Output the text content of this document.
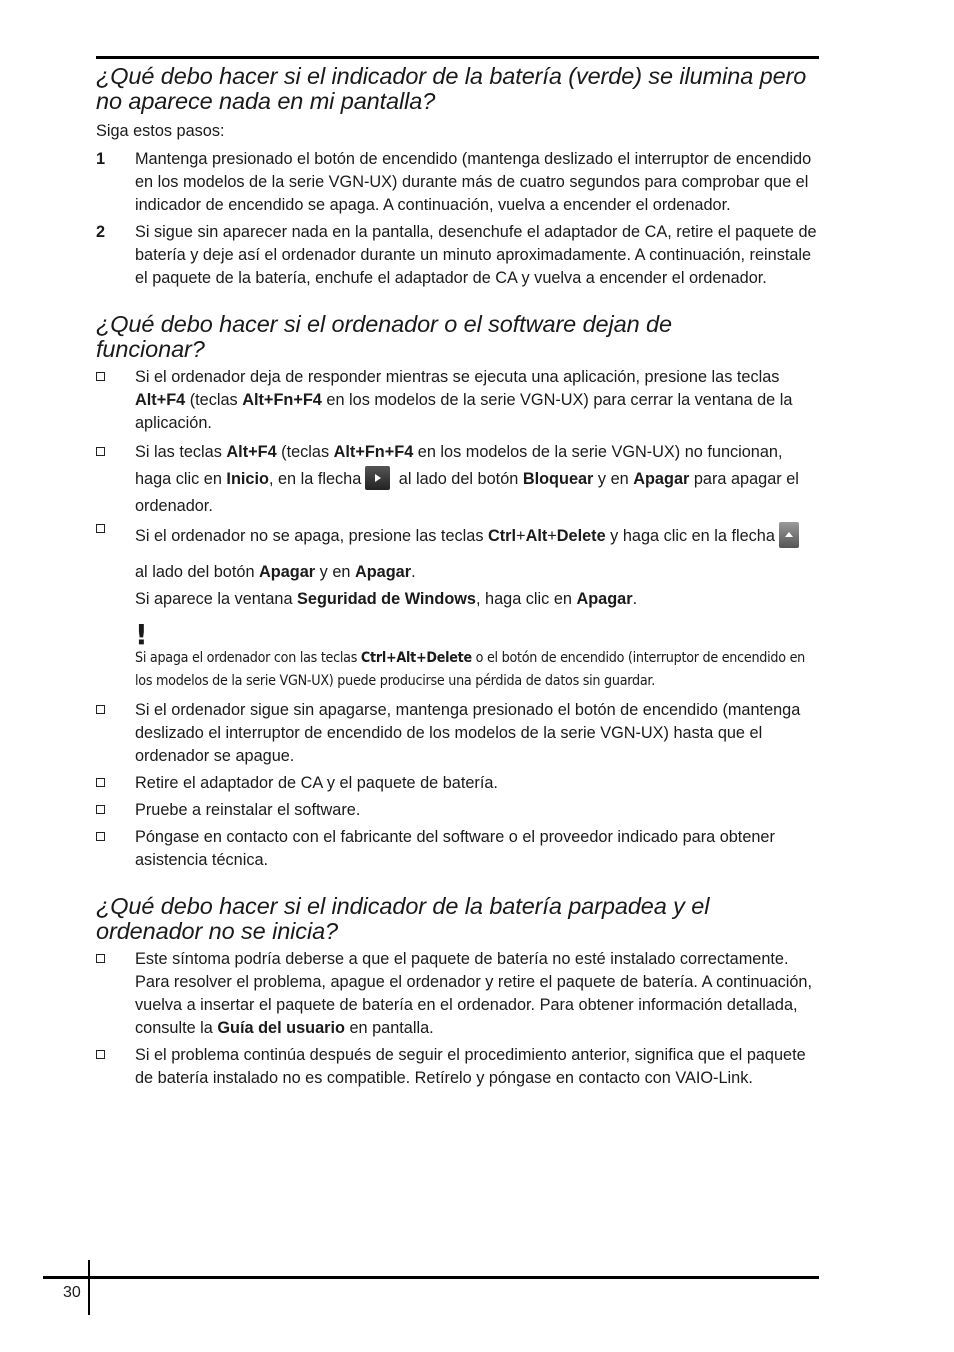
¿Qué debo hacer si el indicador de la batería (verde) se ilumina pero no aparece nada en mi pantalla?

Siga estos pasos:

1 Mantenga presionado el botón de encendido (mantenga deslizado el interruptor de encendido en los modelos de la serie VGN-UX) durante más de cuatro segundos para comprobar que el indicador de encendido se apaga. A continuación, vuelva a encender el ordenador.
2 Si sigue sin aparecer nada en la pantalla, desenchufe el adaptador de CA, retire el paquete de batería y deje así el ordenador durante un minuto aproximadamente. A continuación, reinstale el paquete de la batería, enchufe el adaptador de CA y vuelva a encender el ordenador.
¿Qué debo hacer si el ordenador o el software dejan de funcionar?
Si el ordenador deja de responder mientras se ejecuta una aplicación, presione las teclas Alt+F4 (teclas Alt+Fn+F4 en los modelos de la serie VGN-UX) para cerrar la ventana de la aplicación.
Si las teclas Alt+F4 (teclas Alt+Fn+F4 en los modelos de la serie VGN-UX) no funcionan, haga clic en Inicio, en la flecha
al lado del botón Bloquear y en Apagar para apagar el ordenador.
Si el ordenador no se apaga, presione las teclas Ctrl+Alt+Delete y haga clic en la flecha
al lado del botón Apagar y en Apagar.
Si aparece la ventana Seguridad de Windows, haga clic en Apagar.
!
Si apaga el ordenador con las teclas Ctrl+Alt+Delete o el botón de encendido (interruptor de encendido en los modelos de la serie VGN-UX) puede producirse una pérdida de datos sin guardar.
Si el ordenador sigue sin apagarse, mantenga presionado el botón de encendido (mantenga deslizado el interruptor de encendido de los modelos de la serie VGN-UX) hasta que el ordenador se apague.
Retire el adaptador de CA y el paquete de batería.
Pruebe a reinstalar el software.
Póngase en contacto con el fabricante del software o el proveedor indicado para obtener asistencia técnica.
¿Qué debo hacer si el indicador de la batería parpadea y el ordenador no se inicia?
Este síntoma podría deberse a que el paquete de batería no esté instalado correctamente. Para resolver el problema, apague el ordenador y retire el paquete de batería. A continuación, vuelva a insertar el paquete de batería en el ordenador. Para obtener información detallada, consulte la Guía del usuario en pantalla.
Si el problema continúa después de seguir el procedimiento anterior, significa que el paquete de batería instalado no es compatible. Retírelo y póngase en contacto con VAIO-Link.
30
